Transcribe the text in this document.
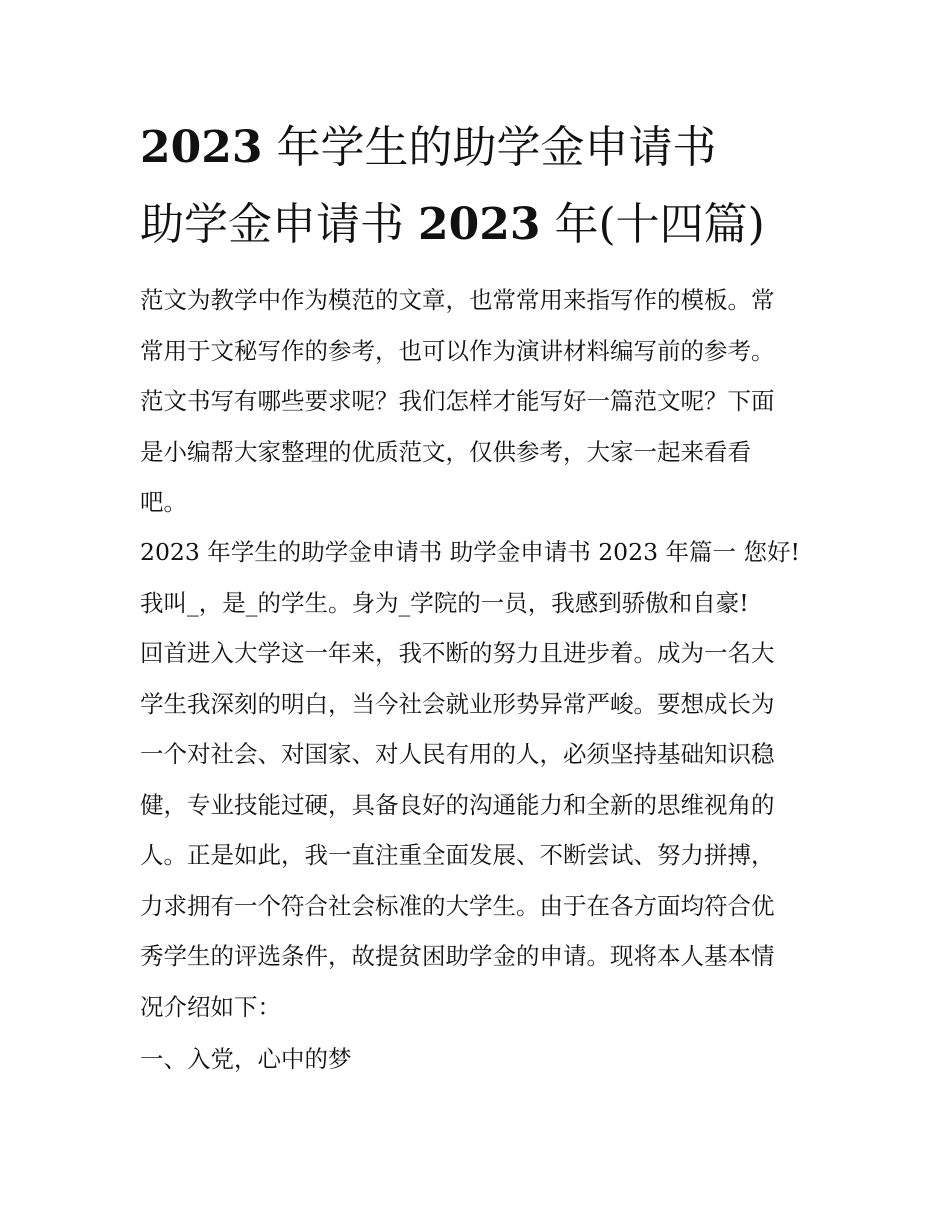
2023 年学生的助学金申请书
助学金申请书 2023 年(十四篇)
范文为教学中作为模范的文章，也常常用来指写作的模板。常
常用于文秘写作的参考，也可以作为演讲材料编写前的参考。
范文书写有哪些要求呢？我们怎样才能写好一篇范文呢？下面
是小编帮大家整理的优质范文，仅供参考，大家一起来看看
吧。
2023 年学生的助学金申请书 助学金申请书 2023 年篇一 您好!
我叫_，是_的学生。身为_学院的一员，我感到骄傲和自豪!
回首进入大学这一年来，我不断的努力且进步着。成为一名大
学生我深刻的明白，当今社会就业形势异常严峻。要想成长为
一个对社会、对国家、对人民有用的人，必须坚持基础知识稳
健，专业技能过硬，具备良好的沟通能力和全新的思维视角的
人。正是如此，我一直注重全面发展、不断尝试、努力拼搏，
力求拥有一个符合社会标准的大学生。由于在各方面均符合优
秀学生的评选条件，故提贫困助学金的申请。现将本人基本情
况介绍如下：
一、入党，心中的梦
